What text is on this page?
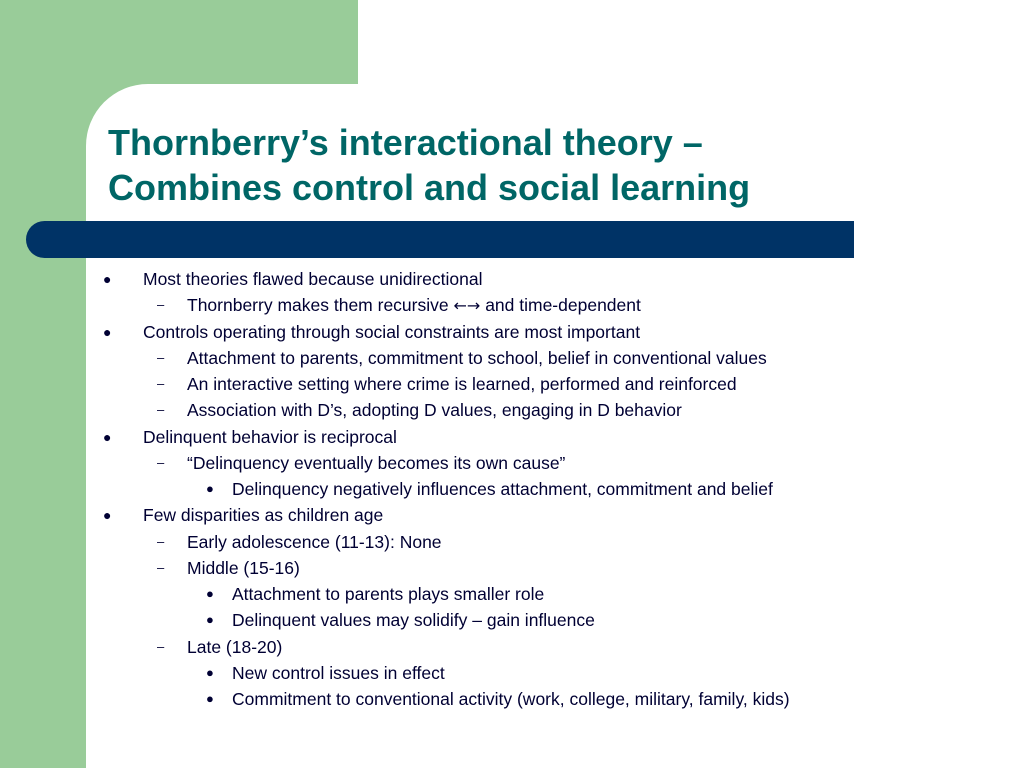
Thornberry’s interactional theory –
Combines control and social learning
● Most theories flawed because unidirectional
– Thornberry makes them recursive ←→ and time-dependent
● Controls operating through social constraints are most important
– Attachment to parents, commitment to school, belief in conventional values
– An interactive setting where crime is learned, performed and reinforced
– Association with D’s, adopting D values, engaging in D behavior
● Delinquent behavior is reciprocal
– “Delinquency eventually becomes its own cause”
● Delinquency negatively influences attachment, commitment and belief
● Few disparities as children age
– Early adolescence (11-13): None
– Middle (15-16)
● Attachment to parents plays smaller role
● Delinquent values may solidify – gain influence
– Late (18-20)
● New control issues in effect
● Commitment to conventional activity (work, college, military, family, kids)
